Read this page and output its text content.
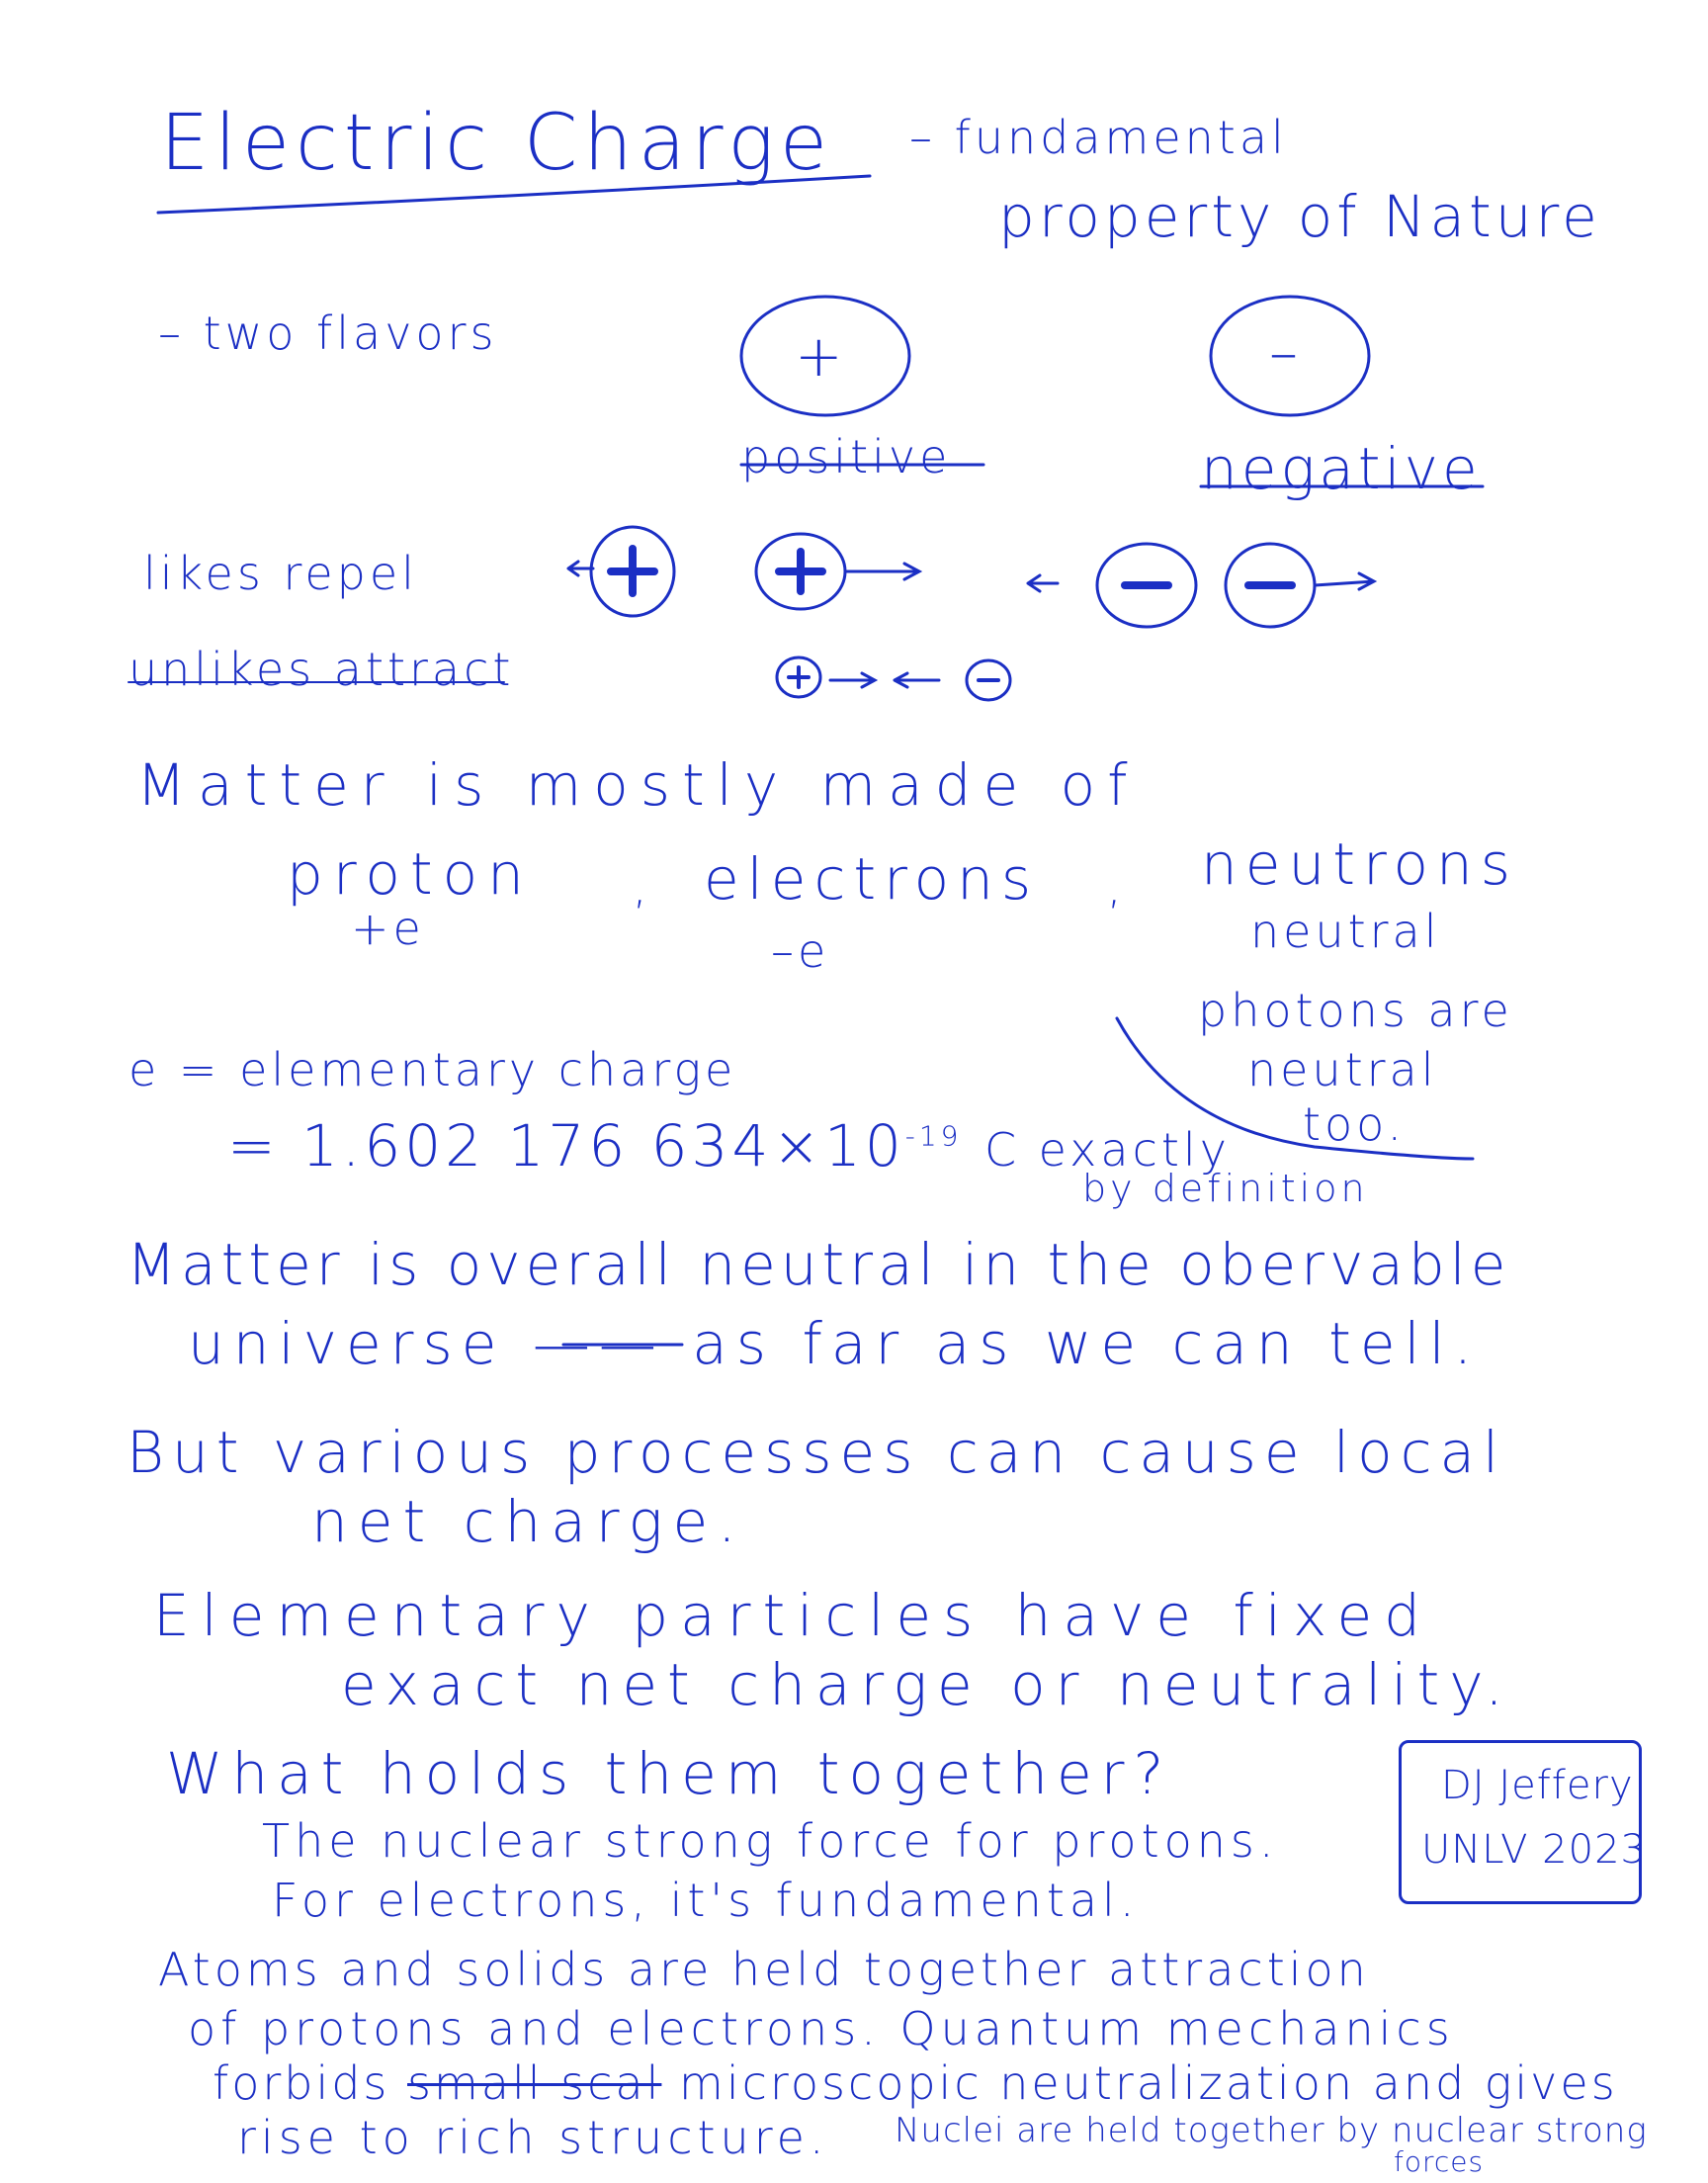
Electric Charge – fundamental
property of Nature
– two flavors
positive	negative
+	–
likes repel
unlikes attract
Matter is mostly made of
proton , electrons , neutrons
+e	–e	neutral
photons are
neutral
too.
e = elementary charge
= 1.602 176 $634\times 10^{-19}$ C exactly
by definition
Matter is overall neutral in the obervable
universe —— as far as we can tell.
But various processes can cause local
net charge.
Elementary particles have fixed
exact net charge or neutrality.
What holds them together?
The nuclear strong force for protons.
For electrons, it's fundamental.
Atoms and solids are held together attraction
of protons and electrons. Quantum mechanics
forbids small scal microscopic neutralization and gives
rise to rich structure. Nuclei are held together by nuclear strong
forces
DJ Jeffery
UNLV 2023
